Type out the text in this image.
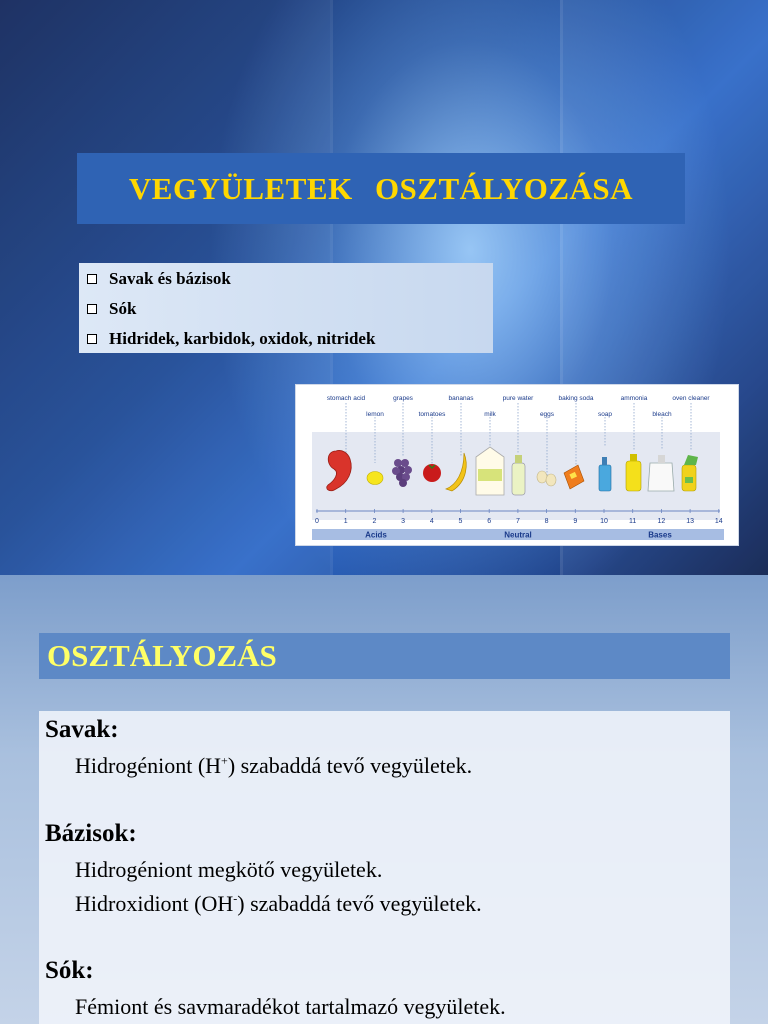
VEGYÜLETEK OSZTÁLYOZÁSA
Savak és bázisok
Sók
Hidridek, karbidok, oxidok, nitridek
stomach acid	grapes	bananas	pure water	baking soda	ammonia	oven cleaner
lemon	tomatoes	milk	eggs	soap	bleach
0	1	2	3	4	5	6	7	8	9	10	11	12	13	14
Acids	Neutral	Bases
OSZTÁLYOZÁS
Savak:
Hidrogéniont (H+) szabaddá tevő vegyületek.
Bázisok:
Hidrogéniont megkötő vegyületek.
Hidroxidiont (OH-) szabaddá tevő vegyületek.
Sók:
Fémiont és savmaradékot tartalmazó vegyületek.
